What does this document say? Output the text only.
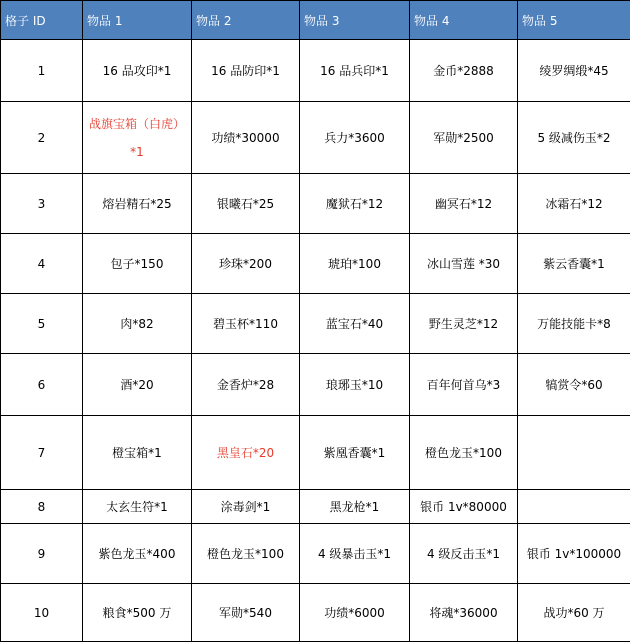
格子 ID	物品 1	物品 2	物品 3	物品 4	物品 5
1	16 品攻印*1	16 品防印*1	16 品兵印*1	金币*2888	绫罗绸缎*45
2	战旗宝箱（白虎）*1	功绩*30000	兵力*3600	军勋*2500	5 级减伤玉*2
3	熔岩精石*25	银曦石*25	魔狱石*12	幽冥石*12	冰霜石*12
4	包子*150	珍珠*200	琥珀*100	冰山雪莲 *30	紫云香囊*1
5	肉*82	碧玉杯*110	蓝宝石*40	野生灵芝*12	万能技能卡*8
6	酒*20	金香炉*28	琅琊玉*10	百年何首乌*3	犒赏令*60
7	橙宝箱*1	黑皇石*20	紫凰香囊*1	橙色龙玉*100	
8	太玄生符*1	涂毒剑*1	黑龙枪*1	银币 1v*80000	
9	紫色龙玉*400	橙色龙玉*100	4 级暴击玉*1	4 级反击玉*1	银币 1v*100000
10	粮食*500 万	军勋*540	功绩*6000	将魂*36000	战功*60 万
